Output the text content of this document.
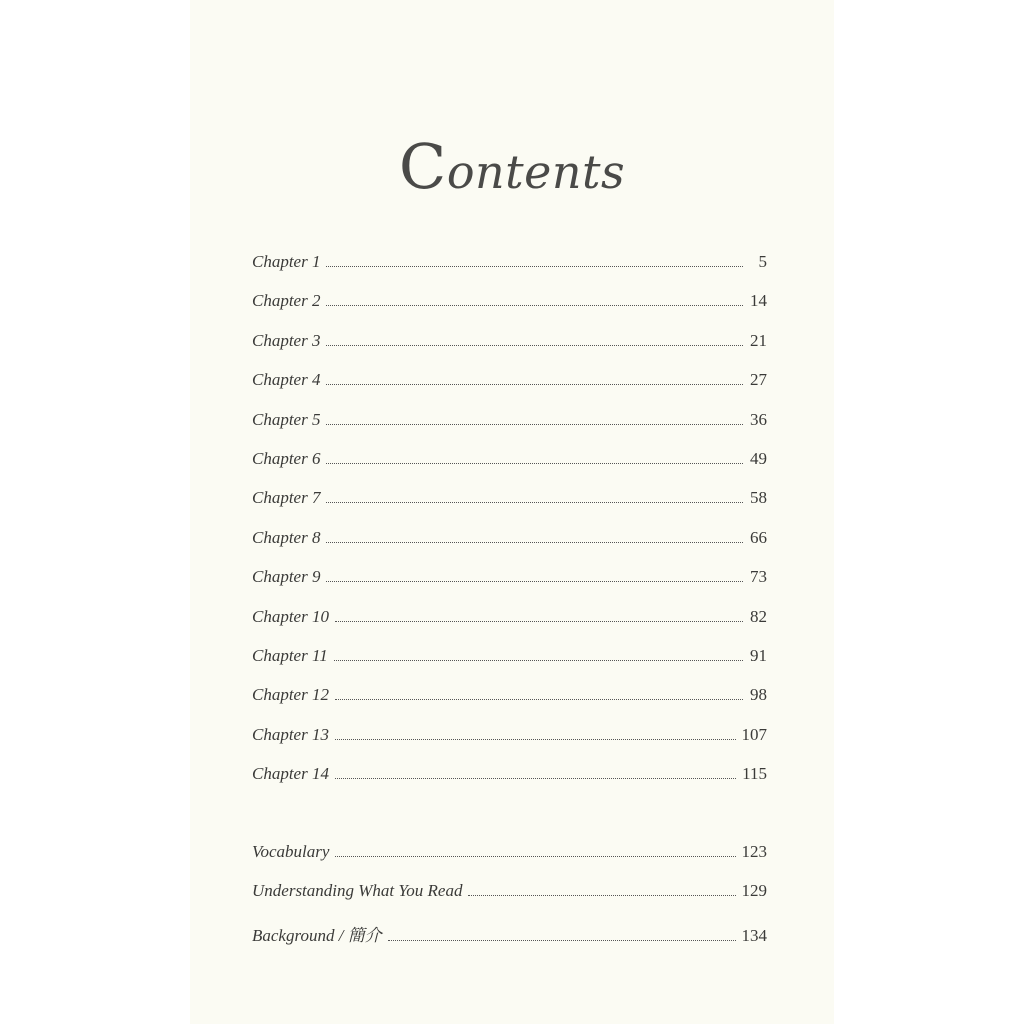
Contents
Chapter 1	5
Chapter 2	14
Chapter 3	21
Chapter 4	27
Chapter 5	36
Chapter 6	49
Chapter 7	58
Chapter 8	66
Chapter 9	73
Chapter 10	82
Chapter 11	91
Chapter 12	98
Chapter 13	107
Chapter 14	115
Vocabulary	123
Understanding What You Read	129
Background / 簡介	134
